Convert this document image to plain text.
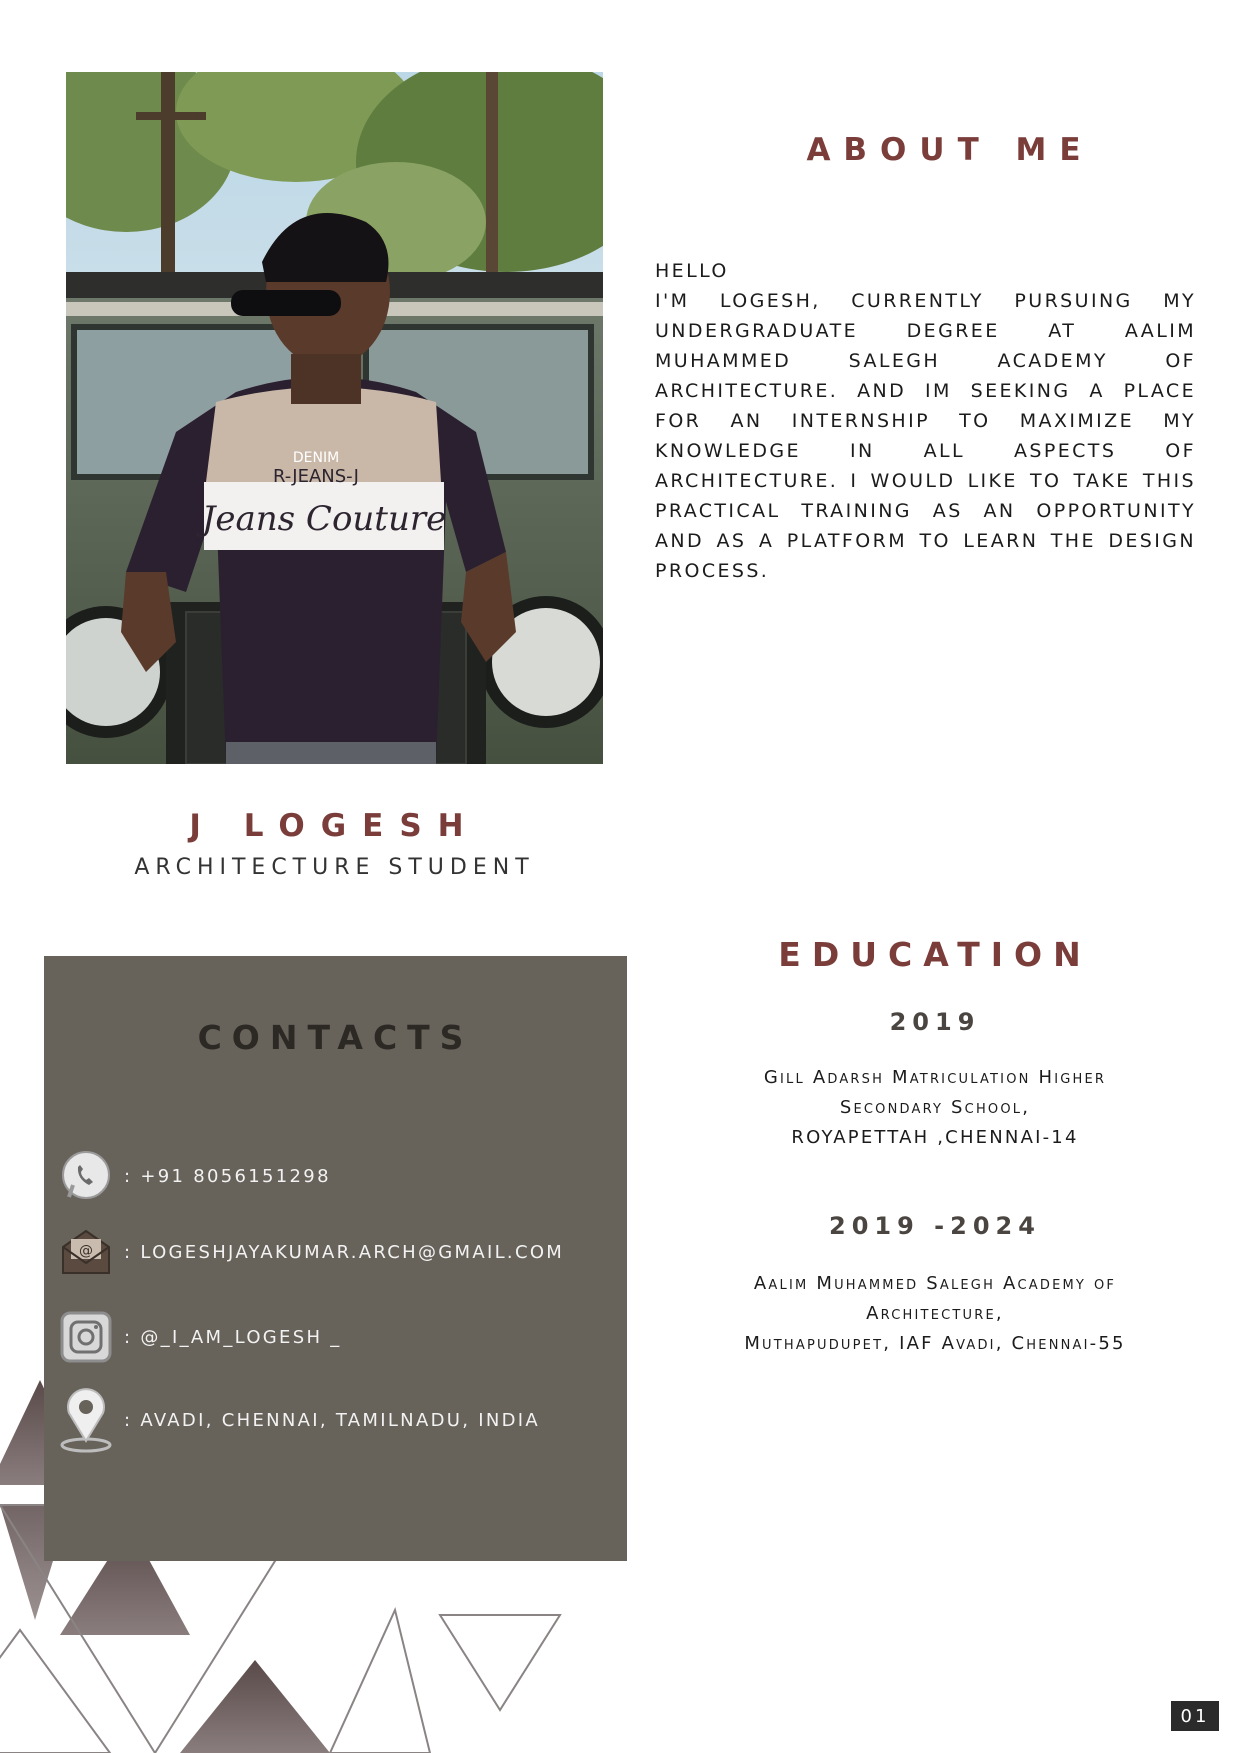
DENIM
R-JEANS-J
Jeans Couture
ABOUT ME
HELLO
I'M LOGESH, CURRENTLY PURSUING MY UNDERGRADUATE DEGREE AT AALIM MUHAMMED SALEGH ACADEMY OF ARCHITECTURE. AND IM SEEKING A PLACE FOR AN INTERNSHIP TO MAXIMIZE MY KNOWLEDGE IN ALL ASPECTS OF ARCHITECTURE. I WOULD LIKE TO TAKE THIS PRACTICAL TRAINING AS AN OPPORTUNITY AND AS A PLATFORM TO LEARN THE DESIGN PROCESS.
J LOGESH
ARCHITECTURE STUDENT
CONTACTS
: +91 8056151298
@ : LOGESHJAYAKUMAR.ARCH@GMAIL.COM
: @_I_AM_LOGESH _
: AVADI, CHENNAI, TAMILNADU, INDIA
EDUCATION
2019
Gill Adarsh Matriculation Higher
Secondary School,
ROYAPETTAH ,CHENNAI-14
2019 -2024
Aalim Muhammed Salegh Academy of
Architecture,
Muthapudupet, IAF Avadi, Chennai-55
01
